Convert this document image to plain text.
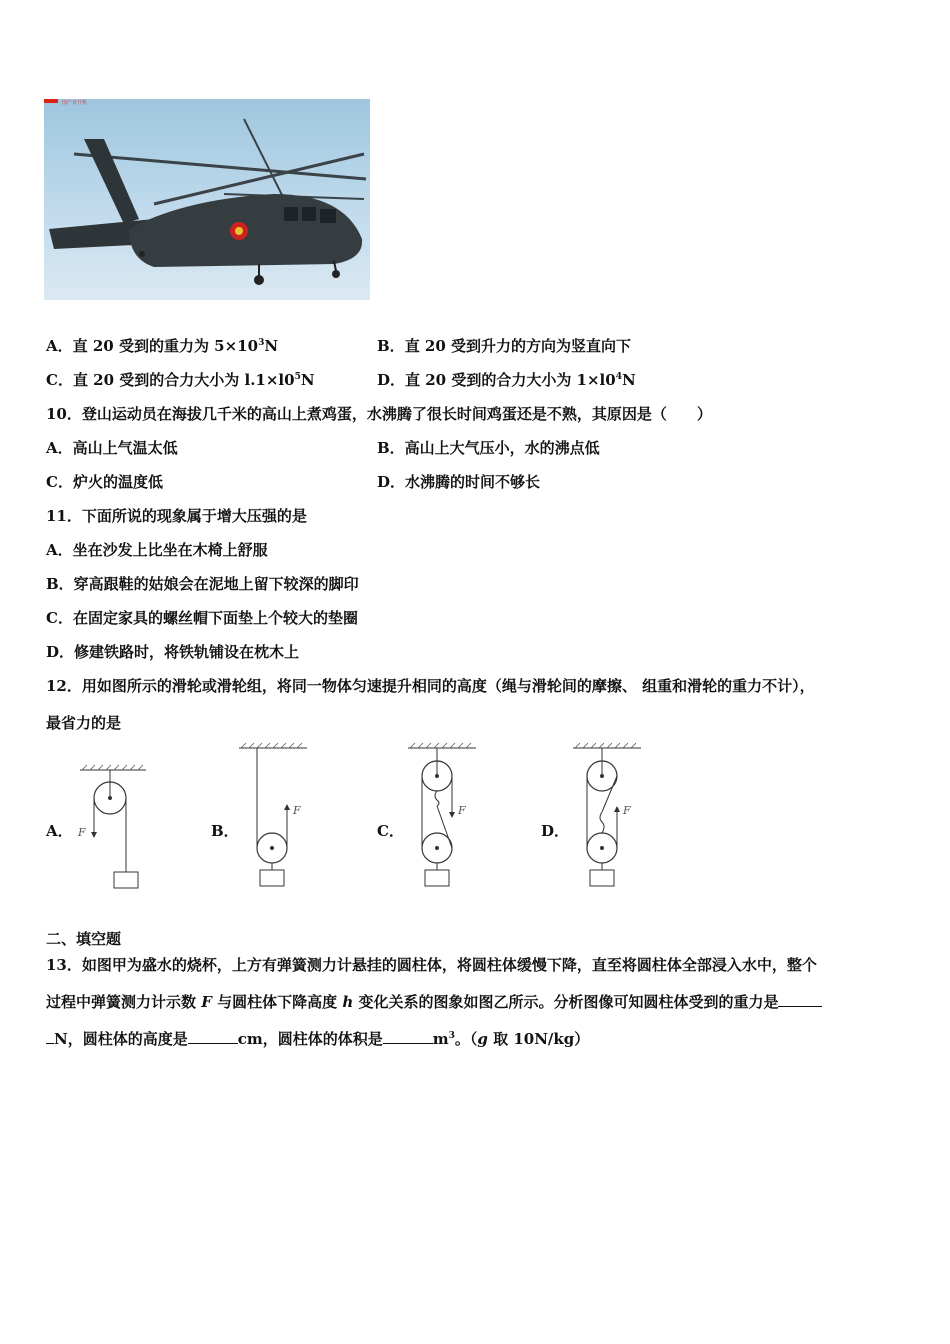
国产直升机
A．直 20 受到的重力为 $5\times 10^3N$	B．直 20 受到升力的方向为竖直向下
C．直 20 受到的合力大小为 $l.1\times l0^5N$	D．直 20 受到的合力大小为 $1\times l0^4N$
10．登山运动员在海拔几千米的高山上煮鸡蛋，水沸腾了很长时间鸡蛋还是不熟，其原因是（　　）
A．高山上气温太低	B．高山上大气压小，水的沸点低
C．炉火的温度低	D．水沸腾的时间不够长
11．下面所说的现象属于增大压强的是
A．坐在沙发上比坐在木椅上舒服
B．穿高跟鞋的姑娘会在泥地上留下较深的脚印
C．在固定家具的螺丝帽下面垫上个较大的垫圈
D．修建铁路时，将铁轨铺设在枕木上
12．用如图所示的滑轮或滑轮组，将同一物体匀速提升相同的高度（绳与滑轮间的摩擦、 组重和滑轮的重力不计），
最省力的是
A．	B．	C．	D．
F
F	F	F
二、填空题
13．如图甲为盛水的烧杯，上方有弹簧测力计悬挂的圆柱体，将圆柱体缓慢下降，直至将圆柱体全部浸入水中，整个
过程中弹簧测力计示数 F 与圆柱体下降高度 h 变化关系的图象如图乙所示。分析图像可知圆柱体受到的重力是
N，圆柱体的高度是	cm，圆柱体的体积是	$m^3$。（g 取 10N/kg）
